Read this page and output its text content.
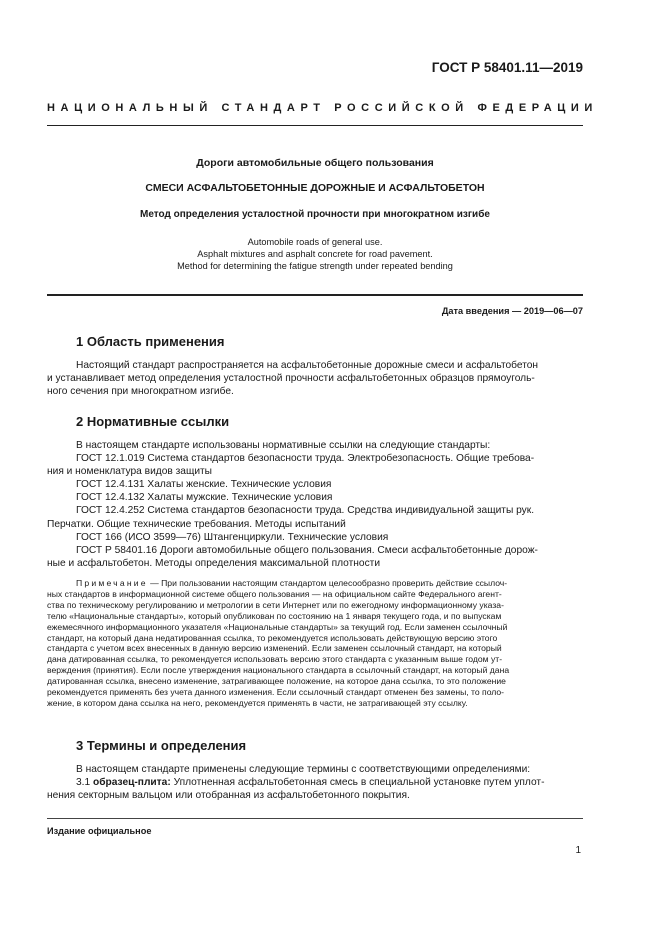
ГОСТ Р 58401.11—2019
НАЦИОНАЛЬНЫЙ СТАНДАРТ РОССИЙСКОЙ ФЕДЕРАЦИИ
Дороги автомобильные общего пользования
СМЕСИ АСФАЛЬТОБЕТОННЫЕ ДОРОЖНЫЕ И АСФАЛЬТОБЕТОН
Метод определения усталостной прочности при многократном изгибе
Automobile roads of general use.
Asphalt mixtures and asphalt concrete for road pavement.
Method for determining the fatigue strength under repeated bending
Дата введения — 2019—06—07
1 Область применения
Настоящий стандарт распространяется на асфальтобетонные дорожные смеси и асфальтобетон
и устанавливает метод определения усталостной прочности асфальтобетонных образцов прямоуголь-
ного сечения при многократном изгибе.
2 Нормативные ссылки
В настоящем стандарте использованы нормативные ссылки на следующие стандарты:
ГОСТ 12.1.019 Система стандартов безопасности труда. Электробезопасность. Общие требова-
ния и номенклатура видов защиты
ГОСТ 12.4.131 Халаты женские. Технические условия
ГОСТ 12.4.132 Халаты мужские. Технические условия
ГОСТ 12.4.252 Система стандартов безопасности труда. Средства индивидуальной защиты рук.
Перчатки. Общие технические требования. Методы испытаний
ГОСТ 166 (ИСО 3599—76) Штангенциркули. Технические условия
ГОСТ Р 58401.16 Дороги автомобильные общего пользования. Смеси асфальтобетонные дорож-
ные и асфальтобетон. Методы определения максимальной плотности
Примечание — При пользовании настоящим стандартом целесообразно проверить действие ссылоч-
ных стандартов в информационной системе общего пользования — на официальном сайте Федерального агент-
ства по техническому регулированию и метрологии в сети Интернет или по ежегодному информационному указа-
телю «Национальные стандарты», который опубликован по состоянию на 1 января текущего года, и по выпускам
ежемесячного информационного указателя «Национальные стандарты» за текущий год. Если заменен ссылочный
стандарт, на который дана недатированная ссылка, то рекомендуется использовать действующую версию этого
стандарта с учетом всех внесенных в данную версию изменений. Если заменен ссылочный стандарт, на который
дана датированная ссылка, то рекомендуется использовать версию этого стандарта с указанным выше годом ут-
верждения (принятия). Если после утверждения национального стандарта в ссылочный стандарт, на который дана
датированная ссылка, внесено изменение, затрагивающее положение, на которое дана ссылка, то это положение
рекомендуется применять без учета данного изменения. Если ссылочный стандарт отменен без замены, то поло-
жение, в котором дана ссылка на него, рекомендуется применять в части, не затрагивающей эту ссылку.
3 Термины и определения
В настоящем стандарте применены следующие термины с соответствующими определениями:
3.1 образец-плита: Уплотненная асфальтобетонная смесь в специальной установке путем уплот-
нения секторным вальцом или отобранная из асфальтобетонного покрытия.
Издание официальное
1
